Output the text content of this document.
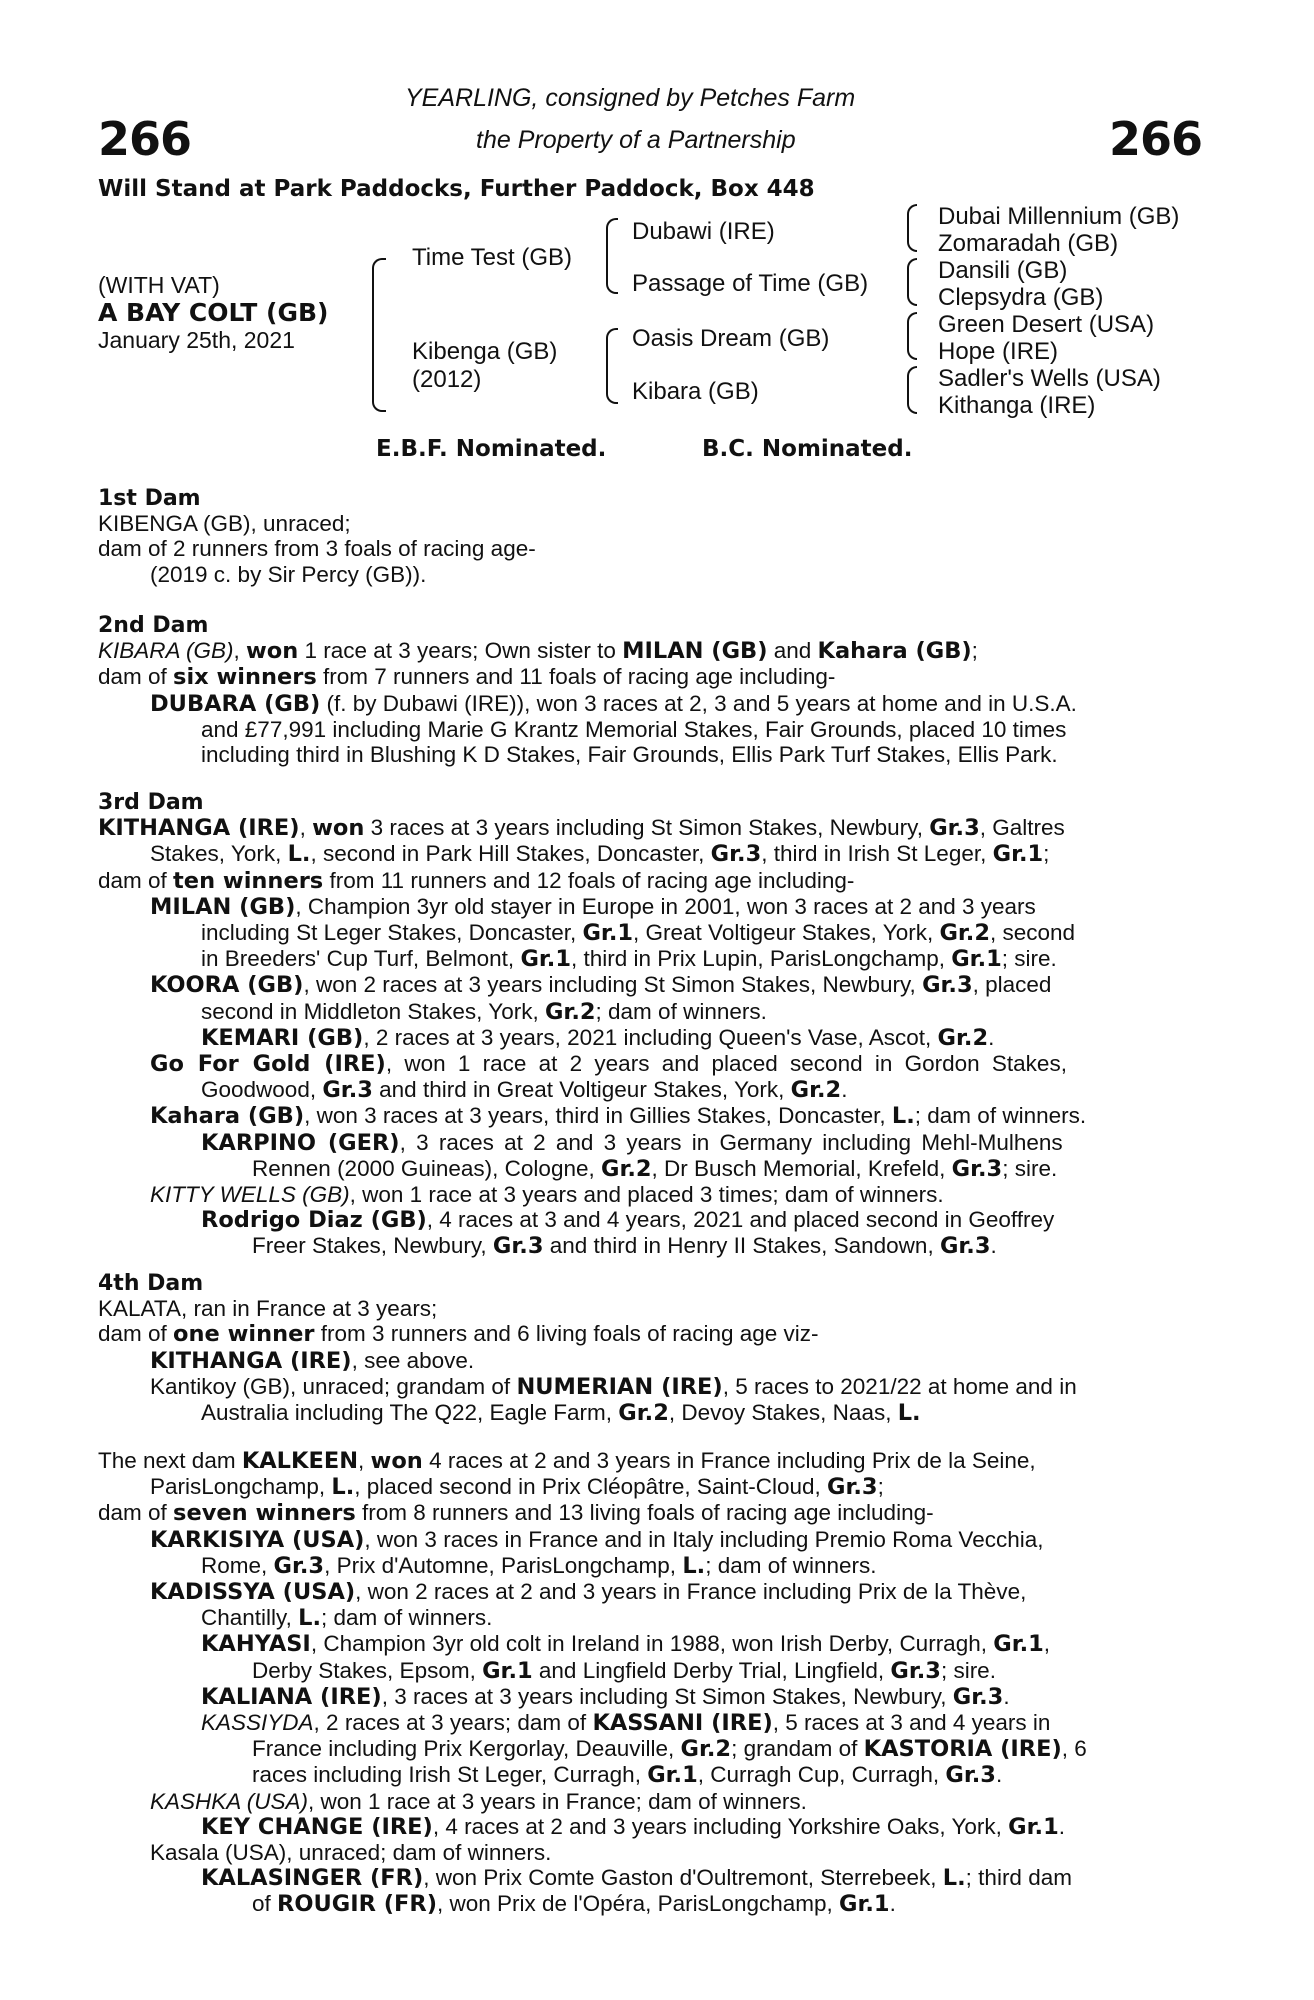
266	266
YEARLING, consigned by Petches Farm
the Property of a Partnership
Will Stand at Park Paddocks, Further Paddock, Box 448
(WITH VAT)
A BAY COLT (GB)
January 25th, 2021
Time Test (GB)
Kibenga (GB)
(2012)
Dubawi (IRE)
Passage of Time (GB)
Oasis Dream (GB)
Kibara (GB)
Dubai Millennium (GB)
Zomaradah (GB)
Dansili (GB)
Clepsydra (GB)
Green Desert (USA)
Hope (IRE)
Sadler's Wells (USA)
Kithanga (IRE)
E.B.F. Nominated.	B.C. Nominated.
1st Dam
KIBENGA (GB), unraced;
dam of 2 runners from 3 foals of racing age-
(2019 c. by Sir Percy (GB)).
2nd Dam
KIBARA (GB), won 1 race at 3 years; Own sister to MILAN (GB) and Kahara (GB);
dam of six winners from 7 runners and 11 foals of racing age including-
DUBARA (GB) (f. by Dubawi (IRE)), won 3 races at 2, 3 and 5 years at home and in U.S.A.
and £77,991 including Marie G Krantz Memorial Stakes, Fair Grounds, placed 10 times
including third in Blushing K D Stakes, Fair Grounds, Ellis Park Turf Stakes, Ellis Park.
3rd Dam
KITHANGA (IRE), won 3 races at 3 years including St Simon Stakes, Newbury, Gr.3, Galtres
Stakes, York, L., second in Park Hill Stakes, Doncaster, Gr.3, third in Irish St Leger, Gr.1;
dam of ten winners from 11 runners and 12 foals of racing age including-
MILAN (GB), Champion 3yr old stayer in Europe in 2001, won 3 races at 2 and 3 years
including St Leger Stakes, Doncaster, Gr.1, Great Voltigeur Stakes, York, Gr.2, second
in Breeders' Cup Turf, Belmont, Gr.1, third in Prix Lupin, ParisLongchamp, Gr.1; sire.
KOORA (GB), won 2 races at 3 years including St Simon Stakes, Newbury, Gr.3, placed
second in Middleton Stakes, York, Gr.2; dam of winners.
KEMARI (GB), 2 races at 3 years, 2021 including Queen's Vase, Ascot, Gr.2.
Go For Gold (IRE), won 1 race at 2 years and placed second in Gordon Stakes,
Goodwood, Gr.3 and third in Great Voltigeur Stakes, York, Gr.2.
Kahara (GB), won 3 races at 3 years, third in Gillies Stakes, Doncaster, L.; dam of winners.
KARPINO (GER), 3 races at 2 and 3 years in Germany including Mehl-Mulhens
Rennen (2000 Guineas), Cologne, Gr.2, Dr Busch Memorial, Krefeld, Gr.3; sire.
KITTY WELLS (GB), won 1 race at 3 years and placed 3 times; dam of winners.
Rodrigo Diaz (GB), 4 races at 3 and 4 years, 2021 and placed second in Geoffrey
Freer Stakes, Newbury, Gr.3 and third in Henry II Stakes, Sandown, Gr.3.
4th Dam
KALATA, ran in France at 3 years;
dam of one winner from 3 runners and 6 living foals of racing age viz-
KITHANGA (IRE), see above.
Kantikoy (GB), unraced; grandam of NUMERIAN (IRE), 5 races to 2021/22 at home and in
Australia including The Q22, Eagle Farm, Gr.2, Devoy Stakes, Naas, L.
The next dam KALKEEN, won 4 races at 2 and 3 years in France including Prix de la Seine,
ParisLongchamp, L., placed second in Prix Cléopâtre, Saint-Cloud, Gr.3;
dam of seven winners from 8 runners and 13 living foals of racing age including-
KARKISIYA (USA), won 3 races in France and in Italy including Premio Roma Vecchia,
Rome, Gr.3, Prix d'Automne, ParisLongchamp, L.; dam of winners.
KADISSYA (USA), won 2 races at 2 and 3 years in France including Prix de la Thève,
Chantilly, L.; dam of winners.
KAHYASI, Champion 3yr old colt in Ireland in 1988, won Irish Derby, Curragh, Gr.1,
Derby Stakes, Epsom, Gr.1 and Lingfield Derby Trial, Lingfield, Gr.3; sire.
KALIANA (IRE), 3 races at 3 years including St Simon Stakes, Newbury, Gr.3.
KASSIYDA, 2 races at 3 years; dam of KASSANI (IRE), 5 races at 3 and 4 years in
France including Prix Kergorlay, Deauville, Gr.2; grandam of KASTORIA (IRE), 6
races including Irish St Leger, Curragh, Gr.1, Curragh Cup, Curragh, Gr.3.
KASHKA (USA), won 1 race at 3 years in France; dam of winners.
KEY CHANGE (IRE), 4 races at 2 and 3 years including Yorkshire Oaks, York, Gr.1.
Kasala (USA), unraced; dam of winners.
KALASINGER (FR), won Prix Comte Gaston d'Oultremont, Sterrebeek, L.; third dam
of ROUGIR (FR), won Prix de l'Opéra, ParisLongchamp, Gr.1.
